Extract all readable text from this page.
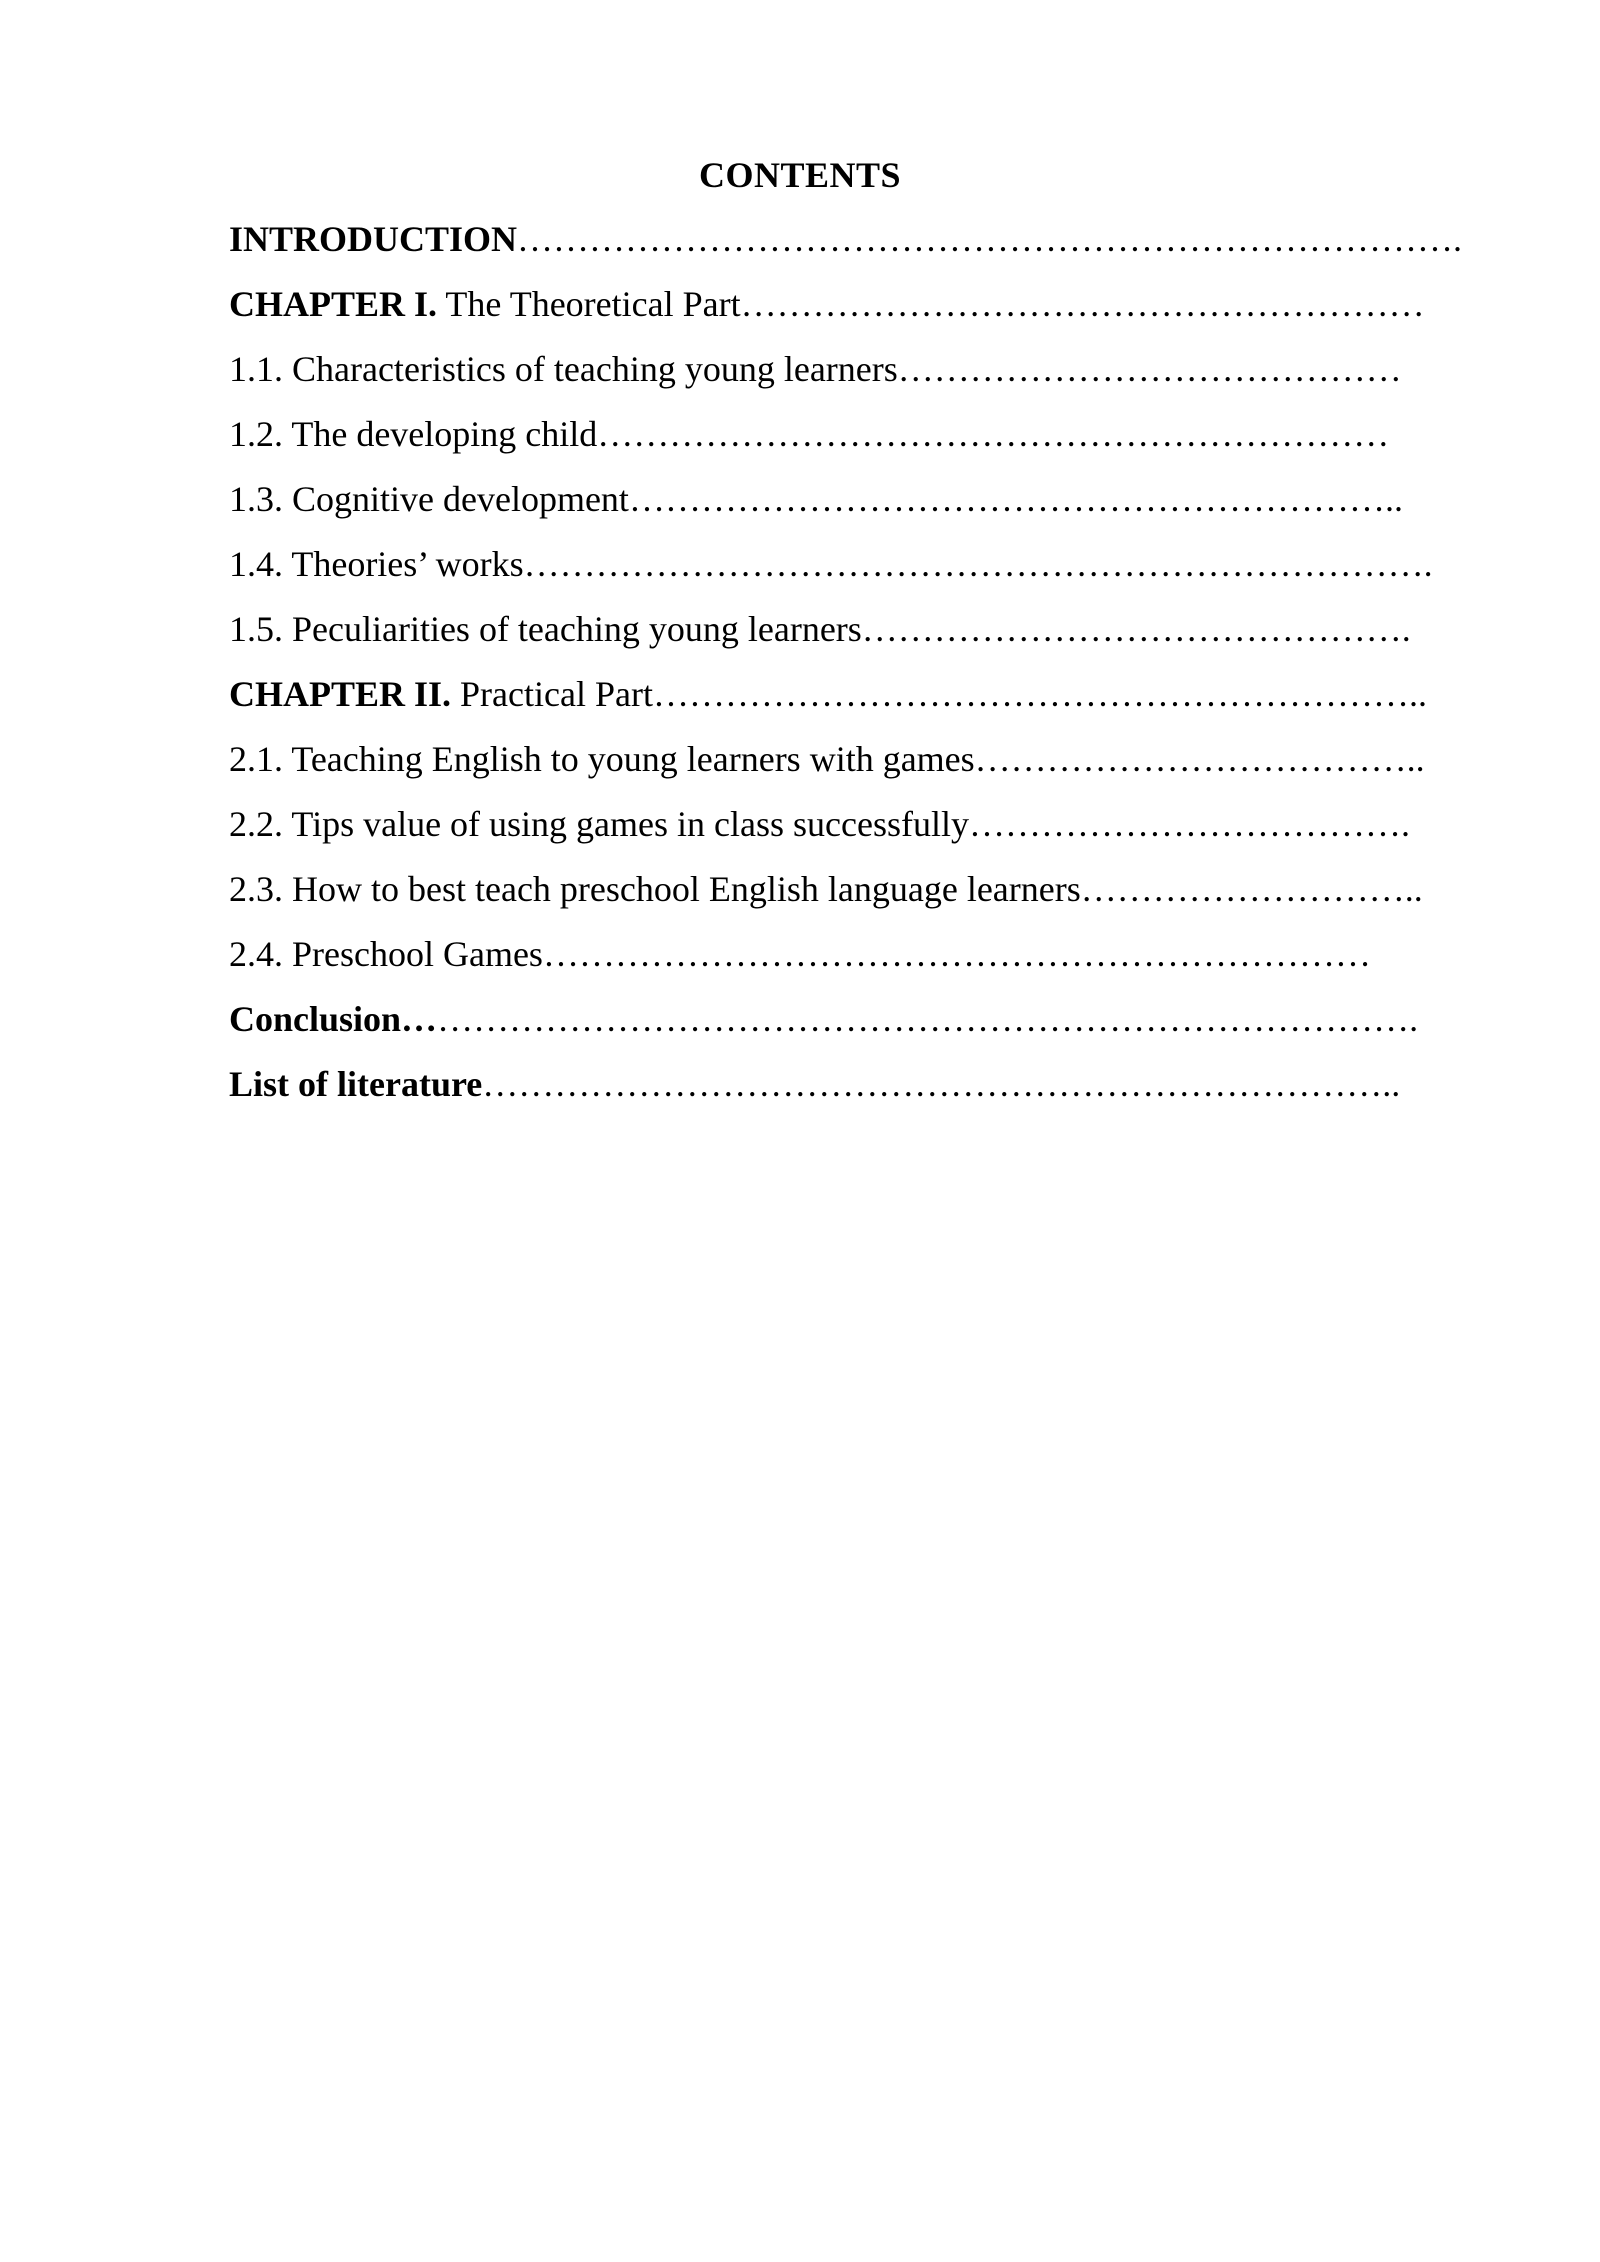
CONTENTS
INTRODUCTION…………………………………………………………………….
CHAPTER I. The Theoretical Part…………………………………………………
1.1. Characteristics of teaching young learners……………………………………
1.2. The developing child…………………………………………………………
1.3. Cognitive development………………………………………………………..
1.4. Theories’ works………………………………………………………………….
1.5. Peculiarities of teaching young learners……………………………………….
CHAPTER II. Practical Part………………………………………………………..
2.1. Teaching English to young learners with games………………………………..
2.2. Tips value of using games in class successfully……………………………….
2.3. How to best teach preschool English language learners………………………..
2.4. Preschool Games……………………………………………………………
Conclusion………………………………………………………………………….
List of literature…………………………………………………………………..
